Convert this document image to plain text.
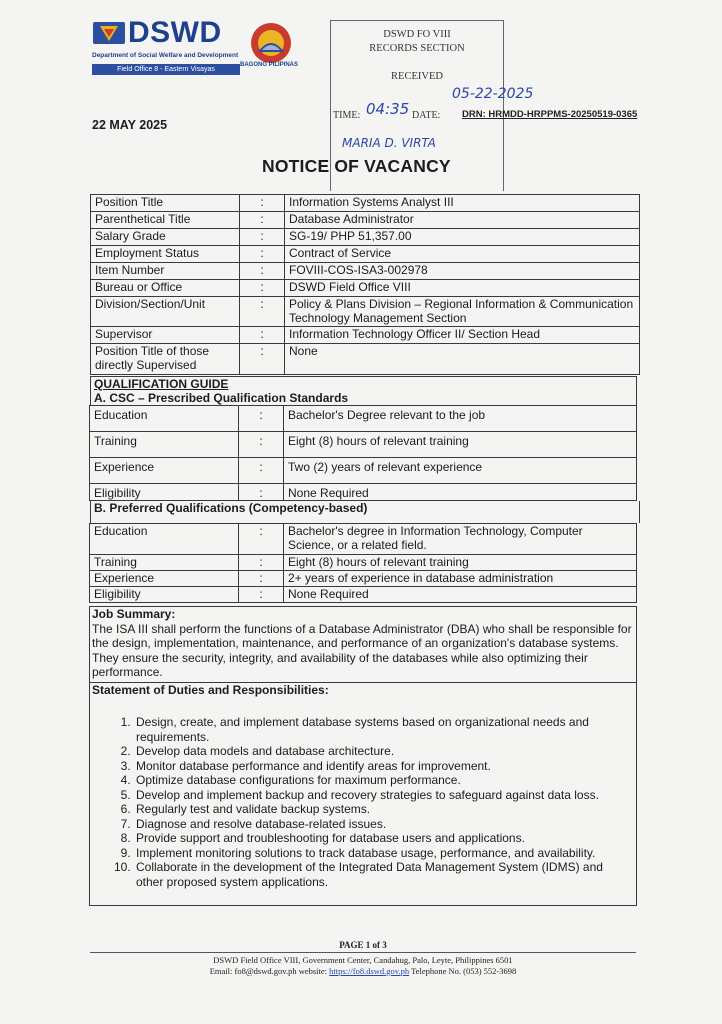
DSWD
Department of Social Welfare and Development
Field Office 8 - Eastern Visayas
BAGONG PILIPINAS
DSWD FO VIII
RECORDS SECTION
RECEIVED
TIME: 04:35 DATE:
05-22-2025
DRN: HRMDD-HRPPMS-20250519-0365
MARIA D. VIRTA
22 MAY 2025
NOTICE OF VACANCY
Position Title	:	Information Systems Analyst III
Parenthetical Title	:	Database Administrator
Salary Grade	:	SG-19/ PHP 51,357.00
Employment Status	:	Contract of Service
Item Number	:	FOVIII-COS-ISA3-002978
Bureau or Office	:	DSWD Field Office VIII
Division/Section/Unit	:	Policy & Plans Division – Regional Information & Communication Technology Management Section
Supervisor	:	Information Technology Officer II/ Section Head
Position Title of those directly Supervised	:	None
QUALIFICATION GUIDE
A. CSC – Prescribed Qualification Standards
Education	:	Bachelor's Degree relevant to the job
Training	:	Eight (8) hours of relevant training
Experience	:	Two (2) years of relevant experience
Eligibility	:	None Required
B. Preferred Qualifications (Competency-based)
Education	:	Bachelor's degree in Information Technology, Computer Science, or a related field.
Training	:	Eight (8) hours of relevant training
Experience	:	2+ years of experience in database administration
Eligibility	:	None Required

Job Summary:

The ISA III shall perform the functions of a Database Administrator (DBA) who shall be responsible for the design, implementation, maintenance, and performance of an organization's database systems. They ensure the security, integrity, and availability of the databases while also optimizing their performance.

Statement of Duties and Responsibilities:

1. Design, create, and implement database systems based on organizational needs and requirements.
2. Develop data models and database architecture.
3. Monitor database performance and identify areas for improvement.
4. Optimize database configurations for maximum performance.
5. Develop and implement backup and recovery strategies to safeguard against data loss.
6. Regularly test and validate backup systems.
7. Diagnose and resolve database-related issues.
8. Provide support and troubleshooting for database users and applications.
9. Implement monitoring solutions to track database usage, performance, and availability.
10. Collaborate in the development of the Integrated Data Management System (IDMS) and other proposed system applications.
PAGE 1 of 3
DSWD Field Office VIII, Government Center, Candahug, Palo, Leyte, Philippines 6501
Email: fo8@dswd.gov.ph website: https://fo8.dswd.gov.ph Telephone No. (053) 552-3698
